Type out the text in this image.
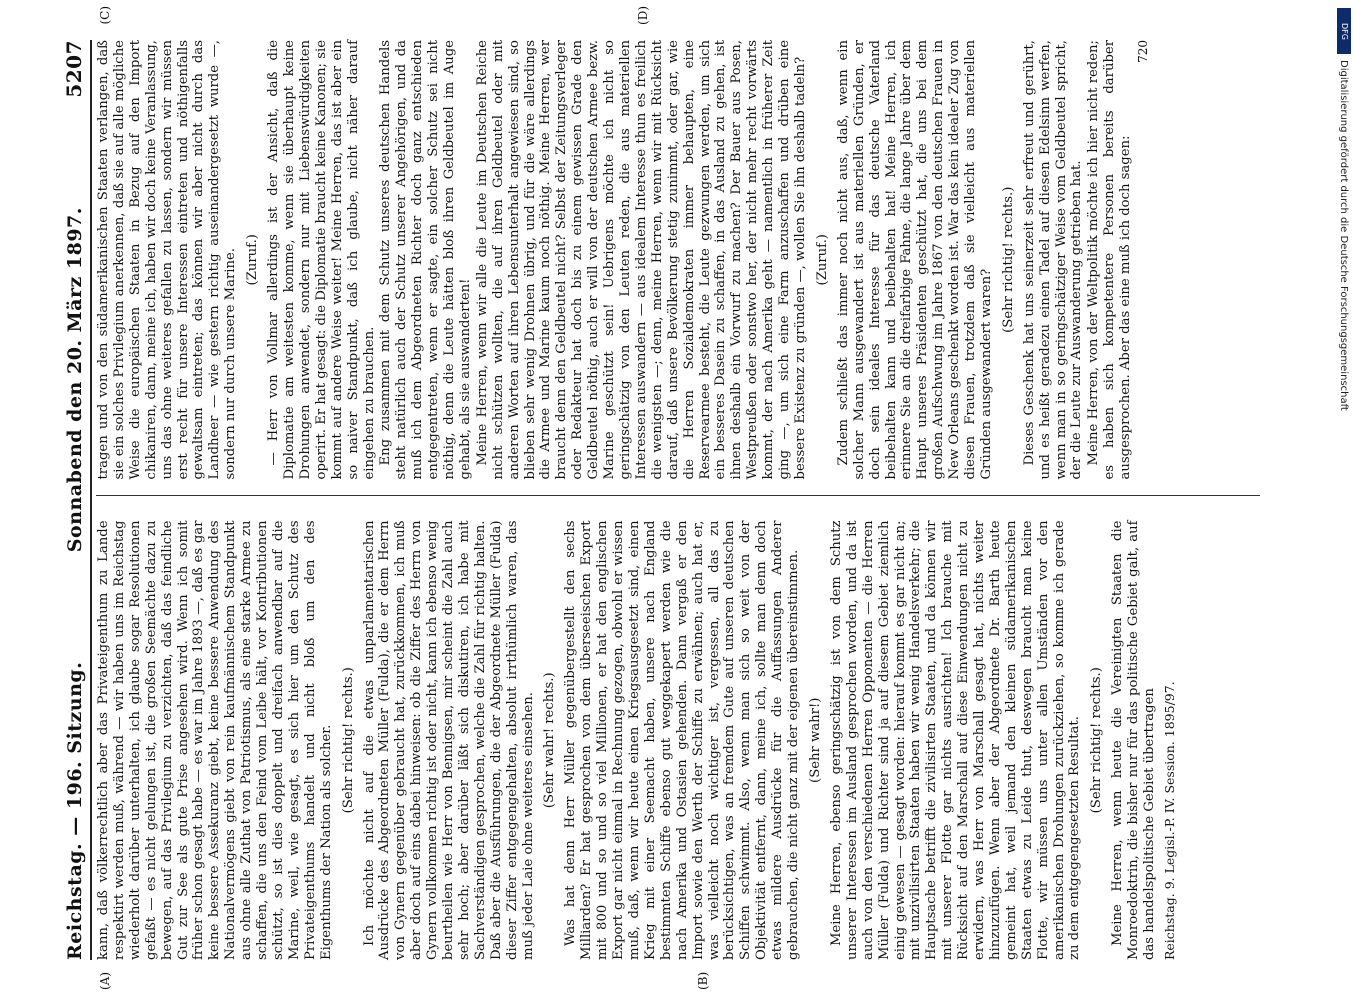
DFG
Digitalisierung gefördert durch die Deutsche Forschungsgemeinschaft
Reichstag. — 196. Sitzung.
Sonnabend den 20. März 1897.
5207
(A)	(B)

kann, daß völkerrechtlich aber das Privateigenthum zu Lande respektirt werden muß, während — wir haben uns im Reichstag wiederholt darüber unterhalten, ich glaube sogar Resolutionen gefaßt — es nicht gelungen ist, die großen Seemächte dazu zu bewegen, auf das Privilegium zu verzichten, daß das feindliche Gut zur See als gute Prise angesehen wird. Wenn ich somit früher schon gesagt habe — es war im Jahre 1893 —, daß es gar keine bessere Assekuranz giebt, keine bessere Anwendung des Nationalvermögens giebt von rein kaufmännischem Standpunkt aus ohne alle Zuthat von Patriotismus, als eine starke Armee zu schaffen, die uns den Feind vom Leibe hält, vor Kontributionen schützt, so ist dies doppelt und dreifach anwendbar auf die Marine, weil, wie gesagt, es sich hier um den Schutz des Privateigenthums handelt und nicht bloß um den des Eigenthums der Nation als solcher. (Sehr richtig! rechts.) Ich möchte nicht auf die etwas unparlamentarischen Ausdrücke des Abgeordneten Müller (Fulda), die er dem Herrn von Gynern gegenüber gebraucht hat, zurückkommen, ich muß aber doch auf eins dabei hinweisen: ob die Ziffer des Herrn von Gynern vollkommen richtig ist oder nicht, kann ich ebenso wenig beurtheilen wie Herr von Bennigsen, mir scheint die Zahl auch sehr hoch; aber darüber läßt sich diskutiren, ich habe mit Sachverständigen gesprochen, welche die Zahl für richtig halten. Daß aber die Ausführungen, die der Abgeordnete Müller (Fulda) dieser Ziffer entgegengehalten, absolut irrthümlich waren, das muß jeder Laie ohne weiteres einsehen. (Sehr wahr! rechts.) Was hat denn Herr Müller gegenübergestellt den sechs Milliarden? Er hat gesprochen von dem überseeischen Export mit 800 und so und so viel Millionen, er hat den englischen Export gar nicht einmal in Rechnung gezogen, obwohl er wissen muß, daß, wenn wir heute einen Kriegsausgesetzt sind, einen Krieg mit einer Seemacht haben, unsere nach England bestimmten Schiffe ebenso gut weggekapert werden wie die nach Amerika und Ostasien gehenden. Dann vergaß er den Import sowie den Werth der Schiffe zu erwähnen; auch hat er, was vielleicht noch wichtiger ist, vergessen, all das zu berücksichtigen, was an fremdem Gute auf unseren deutschen Schiffen schwimmt. Also, wenn man sich so weit von der Objektivität entfernt, dann, meine ich, sollte man denn doch etwas mildere Ausdrücke für die Auffassungen Anderer gebrauchen, die nicht ganz mit der eigenen übereinstimmen. (Sehr wahr!) Meine Herren, ebenso geringschätzig ist von dem Schutz unserer Interessen im Ausland gesprochen worden, und da ist auch von den verschiedenen Herren Opponenten — die Herren Müller (Fulda) und Richter sind ja auf diesem Gebiet ziemlich einig gewesen — gesagt worden: hierauf kommt es gar nicht an; mit unzivilisirten Staaten haben wir wenig Handelsverkehr; die Hauptsache betrifft die zivilisirten Staaten, und da können wir mit unserer Flotte gar nichts ausrichten! Ich brauche mit Rücksicht auf den Marschall auf diese Einwendungen nicht zu erwidern, was Herr von Marschall gesagt hat, nichts weiter hinzuzufügen. Wenn aber der Abgeordnete Dr. Barth heute gemeint hat, weil jemand den kleinen südamerikanischen Staaten etwas zu Leide thut, deswegen braucht man keine Flotte, wir müssen uns unter allen Umständen vor den amerikanischen Drohungen zurückziehen, so komme ich gerade zu dem entgegengesetzten Resultat. (Sehr richtig! rechts.) Meine Herren, wenn heute die Vereinigten Staaten die Monroedoktrin, die bisher nur für das politische Gebiet galt, auf das handelspolitische Gebiet übertragen Reichstag. 9. Legisl.-P. IV. Session. 1895/97.
(C)	(D)

tragen und von den südamerikanischen Staaten verlangen, daß sie ein solches Privilegium anerkennen, daß sie auf alle mögliche Weise die europäischen Staaten in Bezug auf den Import chikaniren, dann, meine ich, haben wir doch keine Veranlassung, uns das ohne weiteres gefallen zu lassen, sondern wir müssen erst recht für unsere Interessen eintreten und nöthigenfalls gewaltsam eintreten; das können wir aber nicht durch das Landheer — wie gestern richtig auseinandergesetzt wurde —, sondern nur durch unsere Marine. (Zuruf.) — Herr von Vollmar allerdings ist der Ansicht, daß die Diplomatie am weitesten komme, wenn sie überhaupt keine Drohungen anwendet, sondern nur mit Liebenswürdigkeiten operirt. Er hat gesagt: die Diplomatie braucht keine Kanonen; sie kommt auf andere Weise weiter! Meine Herren, das ist aber ein so naiver Standpunkt, daß ich glaube, nicht näher darauf eingehen zu brauchen. Eng zusammen mit dem Schutz unseres deutschen Handels steht natürlich auch der Schutz unserer Angehörigen, und da muß ich dem Abgeordneten Richter doch ganz entschieden entgegentreten, wenn er sagte, ein solcher Schutz sei nicht nöthig, denn die Leute hätten bloß ihren Geldbeutel im Auge gehabt, als sie auswanderten! Meine Herren, wenn wir alle die Leute im Deutschen Reiche nicht schützen wollten, die auf ihren Geldbeutel oder mit anderen Worten auf ihren Lebensunterhalt angewiesen sind, so blieben sehr wenig Drohnen übrig, und für die wäre allerdings die Armee und Marine kaum noch nöthig. Meine Herren, wer braucht denn den Geldbeutel nicht? Selbst der Zeitungsverleger oder Redakteur hat doch bis zu einem gewissen Grade den Geldbeutel nöthig, auch er will von der deutschen Armee bezw. Marine geschützt sein! Uebrigens möchte ich nicht so geringschätzig von den Leuten reden, die aus materiellen Interessen auswandern — aus idealem Interesse thun es freilich die wenigsten —; denn, meine Herren, wenn wir mit Rücksicht darauf, daß unsere Bevölkerung stetig zunimmt, oder gar, wie die Herren Sozialdemokraten immer behaupten, eine Reservearmee besteht, die Leute gezwungen werden, um sich ein besseres Dasein zu schaffen, in das Ausland zu gehen, ist ihnen deshalb ein Vorwurf zu machen? Der Bauer aus Posen, Westpreußen oder sonstwo her, der nicht mehr recht vorwärts kommt, der nach Amerika geht — namentlich in früherer Zeit ging —, um sich eine Farm anzuschaffen und drüben eine bessere Existenz zu gründen —, wollen Sie ihn deshalb tadeln? (Zuruf.) Zudem schließt das immer noch nicht aus, daß, wenn ein solcher Mann ausgewandert ist aus materiellen Gründen, er doch sein ideales Interesse für das deutsche Vaterland beibehalten kann und beibehalten hat! Meine Herren, ich erinnere Sie an die dreifarbige Fahne, die lange Jahre über dem Haupt unseres Präsidenten geschützt hat, die uns bei dem großen Aufschwung im Jahre 1867 von den deutschen Frauen in New Orleans geschenkt worden ist. War das kein idealer Zug von diesen Frauen, trotzdem daß sie vielleicht aus materiellen Gründen ausgewandert waren?

(Sehr richtig! rechts.) Dieses Geschenk hat uns seinerzeit sehr erfreut und gerührt, und es heißt geradezu einen Tadel auf diesen Edelsinn werfen, wenn man in so geringschätziger Weise vom Geldbeutel spricht, der die Leute zur Auswanderung getrieben hat. Meine Herren, von der Weltpolitik möchte ich hier nicht reden; es haben sich kompetentere Personen bereits darüber ausgesprochen. Aber das eine muß ich doch sagen:

720
